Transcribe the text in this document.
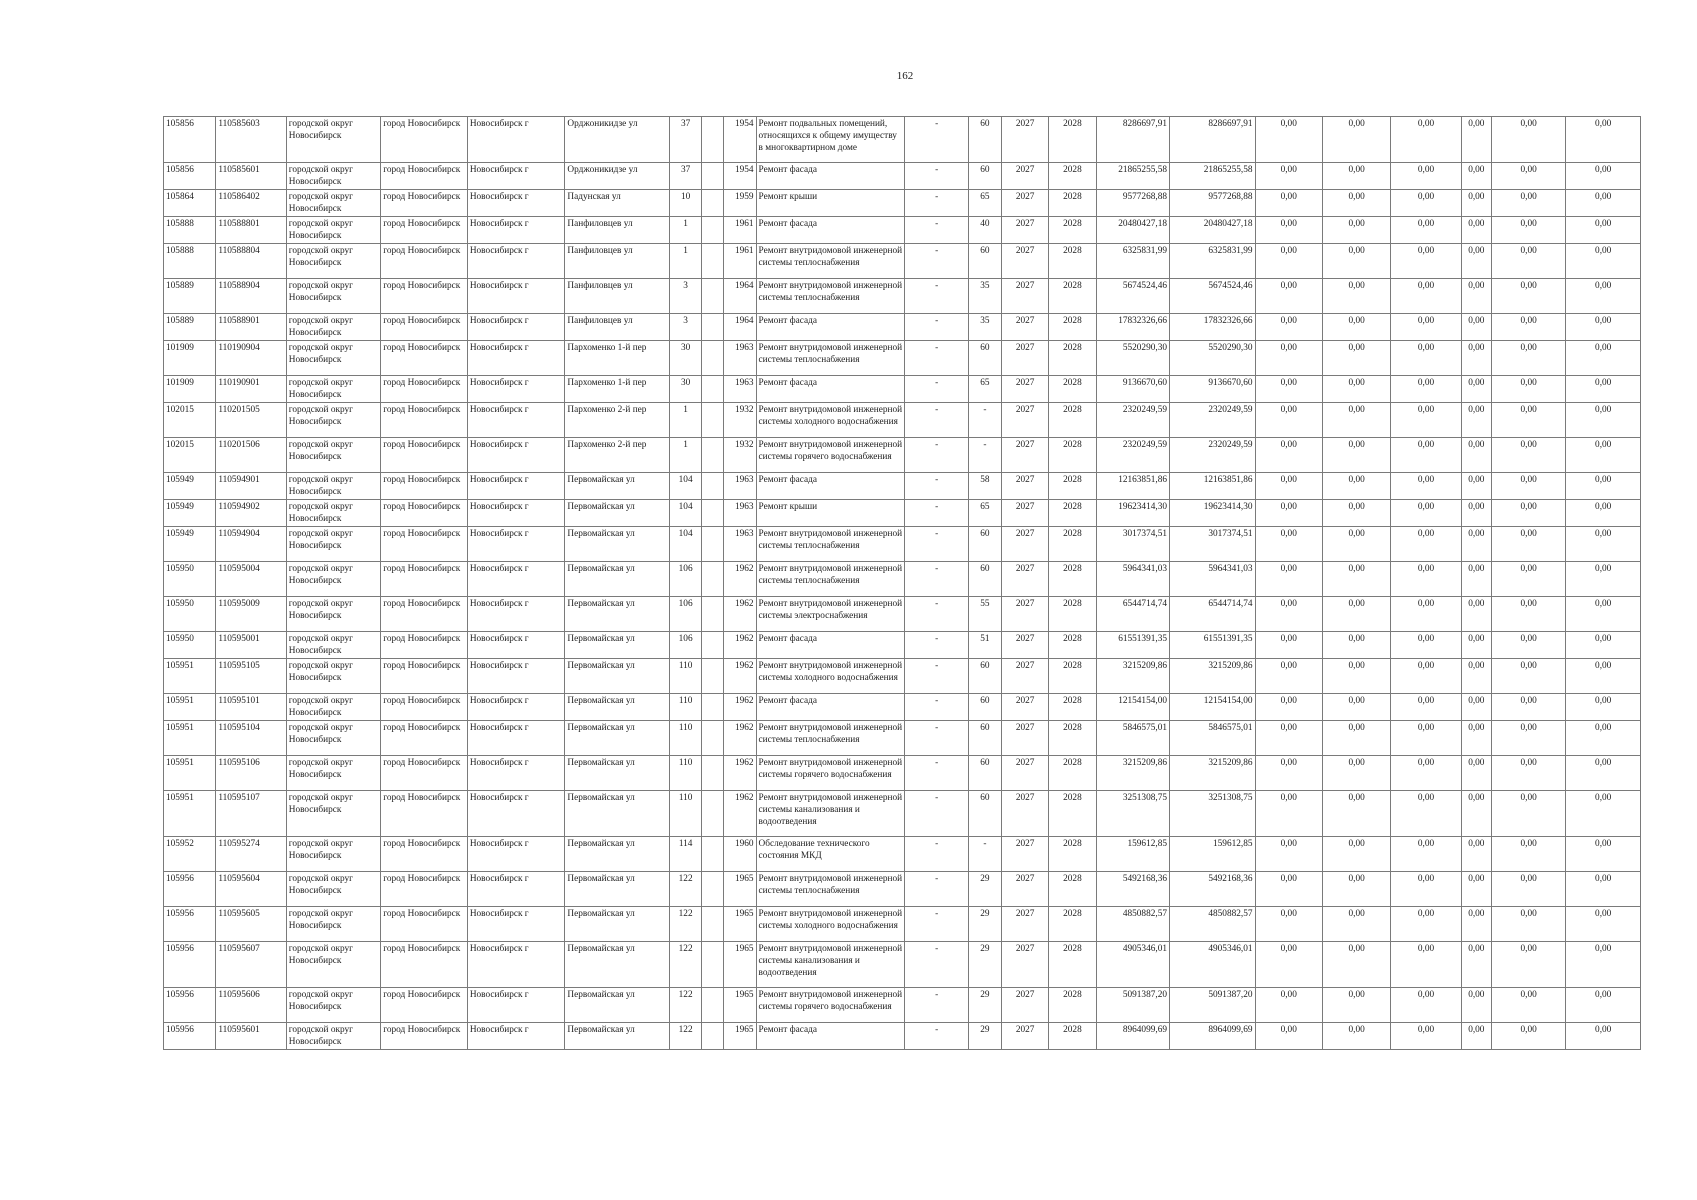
162
105856	110585603	городской округ Новосибирск	город Новосибирск	Новосибирск г	Орджоникидзе ул	37		1954	Ремонт подвальных помещений, относящихся к общему имуществу в многоквартирном доме	-	60	2027	2028	8286697,91	8286697,91	0,00	0,00	0,00	0,00	0,00	0,00
105856	110585601	городской округ Новосибирск	город Новосибирск	Новосибирск г	Орджоникидзе ул	37		1954	Ремонт фасада	-	60	2027	2028	21865255,58	21865255,58	0,00	0,00	0,00	0,00	0,00	0,00
105864	110586402	городской округ Новосибирск	город Новосибирск	Новосибирск г	Падунская ул	10		1959	Ремонт крыши	-	65	2027	2028	9577268,88	9577268,88	0,00	0,00	0,00	0,00	0,00	0,00
105888	110588801	городской округ Новосибирск	город Новосибирск	Новосибирск г	Панфиловцев ул	1		1961	Ремонт фасада	-	40	2027	2028	20480427,18	20480427,18	0,00	0,00	0,00	0,00	0,00	0,00
105888	110588804	городской округ Новосибирск	город Новосибирск	Новосибирск г	Панфиловцев ул	1		1961	Ремонт внутридомовой инженерной системы теплоснабжения	-	60	2027	2028	6325831,99	6325831,99	0,00	0,00	0,00	0,00	0,00	0,00
105889	110588904	городской округ Новосибирск	город Новосибирск	Новосибирск г	Панфиловцев ул	3		1964	Ремонт внутридомовой инженерной системы теплоснабжения	-	35	2027	2028	5674524,46	5674524,46	0,00	0,00	0,00	0,00	0,00	0,00
105889	110588901	городской округ Новосибирск	город Новосибирск	Новосибирск г	Панфиловцев ул	3		1964	Ремонт фасада	-	35	2027	2028	17832326,66	17832326,66	0,00	0,00	0,00	0,00	0,00	0,00
101909	110190904	городской округ Новосибирск	город Новосибирск	Новосибирск г	Пархоменко 1-й пер	30		1963	Ремонт внутридомовой инженерной системы теплоснабжения	-	60	2027	2028	5520290,30	5520290,30	0,00	0,00	0,00	0,00	0,00	0,00
101909	110190901	городской округ Новосибирск	город Новосибирск	Новосибирск г	Пархоменко 1-й пер	30		1963	Ремонт фасада	-	65	2027	2028	9136670,60	9136670,60	0,00	0,00	0,00	0,00	0,00	0,00
102015	110201505	городской округ Новосибирск	город Новосибирск	Новосибирск г	Пархоменко 2-й пер	1		1932	Ремонт внутридомовой инженерной системы холодного водоснабжения	-	-	2027	2028	2320249,59	2320249,59	0,00	0,00	0,00	0,00	0,00	0,00
102015	110201506	городской округ Новосибирск	город Новосибирск	Новосибирск г	Пархоменко 2-й пер	1		1932	Ремонт внутридомовой инженерной системы горячего водоснабжения	-	-	2027	2028	2320249,59	2320249,59	0,00	0,00	0,00	0,00	0,00	0,00
105949	110594901	городской округ Новосибирск	город Новосибирск	Новосибирск г	Первомайская ул	104		1963	Ремонт фасада	-	58	2027	2028	12163851,86	12163851,86	0,00	0,00	0,00	0,00	0,00	0,00
105949	110594902	городской округ Новосибирск	город Новосибирск	Новосибирск г	Первомайская ул	104		1963	Ремонт крыши	-	65	2027	2028	19623414,30	19623414,30	0,00	0,00	0,00	0,00	0,00	0,00
105949	110594904	городской округ Новосибирск	город Новосибирск	Новосибирск г	Первомайская ул	104		1963	Ремонт внутридомовой инженерной системы теплоснабжения	-	60	2027	2028	3017374,51	3017374,51	0,00	0,00	0,00	0,00	0,00	0,00
105950	110595004	городской округ Новосибирск	город Новосибирск	Новосибирск г	Первомайская ул	106		1962	Ремонт внутридомовой инженерной системы теплоснабжения	-	60	2027	2028	5964341,03	5964341,03	0,00	0,00	0,00	0,00	0,00	0,00
105950	110595009	городской округ Новосибирск	город Новосибирск	Новосибирск г	Первомайская ул	106		1962	Ремонт внутридомовой инженерной системы электроснабжения	-	55	2027	2028	6544714,74	6544714,74	0,00	0,00	0,00	0,00	0,00	0,00
105950	110595001	городской округ Новосибирск	город Новосибирск	Новосибирск г	Первомайская ул	106		1962	Ремонт фасада	-	51	2027	2028	61551391,35	61551391,35	0,00	0,00	0,00	0,00	0,00	0,00
105951	110595105	городской округ Новосибирск	город Новосибирск	Новосибирск г	Первомайская ул	110		1962	Ремонт внутридомовой инженерной системы холодного водоснабжения	-	60	2027	2028	3215209,86	3215209,86	0,00	0,00	0,00	0,00	0,00	0,00
105951	110595101	городской округ Новосибирск	город Новосибирск	Новосибирск г	Первомайская ул	110		1962	Ремонт фасада	-	60	2027	2028	12154154,00	12154154,00	0,00	0,00	0,00	0,00	0,00	0,00
105951	110595104	городской округ Новосибирск	город Новосибирск	Новосибирск г	Первомайская ул	110		1962	Ремонт внутридомовой инженерной системы теплоснабжения	-	60	2027	2028	5846575,01	5846575,01	0,00	0,00	0,00	0,00	0,00	0,00
105951	110595106	городской округ Новосибирск	город Новосибирск	Новосибирск г	Первомайская ул	110		1962	Ремонт внутридомовой инженерной системы горячего водоснабжения	-	60	2027	2028	3215209,86	3215209,86	0,00	0,00	0,00	0,00	0,00	0,00
105951	110595107	городской округ Новосибирск	город Новосибирск	Новосибирск г	Первомайская ул	110		1962	Ремонт внутридомовой инженерной системы канализования и водоотведения	-	60	2027	2028	3251308,75	3251308,75	0,00	0,00	0,00	0,00	0,00	0,00
105952	110595274	городской округ Новосибирск	город Новосибирск	Новосибирск г	Первомайская ул	114		1960	Обследование технического состояния МКД	-	-	2027	2028	159612,85	159612,85	0,00	0,00	0,00	0,00	0,00	0,00
105956	110595604	городской округ Новосибирск	город Новосибирск	Новосибирск г	Первомайская ул	122		1965	Ремонт внутридомовой инженерной системы теплоснабжения	-	29	2027	2028	5492168,36	5492168,36	0,00	0,00	0,00	0,00	0,00	0,00
105956	110595605	городской округ Новосибирск	город Новосибирск	Новосибирск г	Первомайская ул	122		1965	Ремонт внутридомовой инженерной системы холодного водоснабжения	-	29	2027	2028	4850882,57	4850882,57	0,00	0,00	0,00	0,00	0,00	0,00
105956	110595607	городской округ Новосибирск	город Новосибирск	Новосибирск г	Первомайская ул	122		1965	Ремонт внутридомовой инженерной системы канализования и водоотведения	-	29	2027	2028	4905346,01	4905346,01	0,00	0,00	0,00	0,00	0,00	0,00
105956	110595606	городской округ Новосибирск	город Новосибирск	Новосибирск г	Первомайская ул	122		1965	Ремонт внутридомовой инженерной системы горячего водоснабжения	-	29	2027	2028	5091387,20	5091387,20	0,00	0,00	0,00	0,00	0,00	0,00
105956	110595601	городской округ Новосибирск	город Новосибирск	Новосибирск г	Первомайская ул	122		1965	Ремонт фасада	-	29	2027	2028	8964099,69	8964099,69	0,00	0,00	0,00	0,00	0,00	0,00
